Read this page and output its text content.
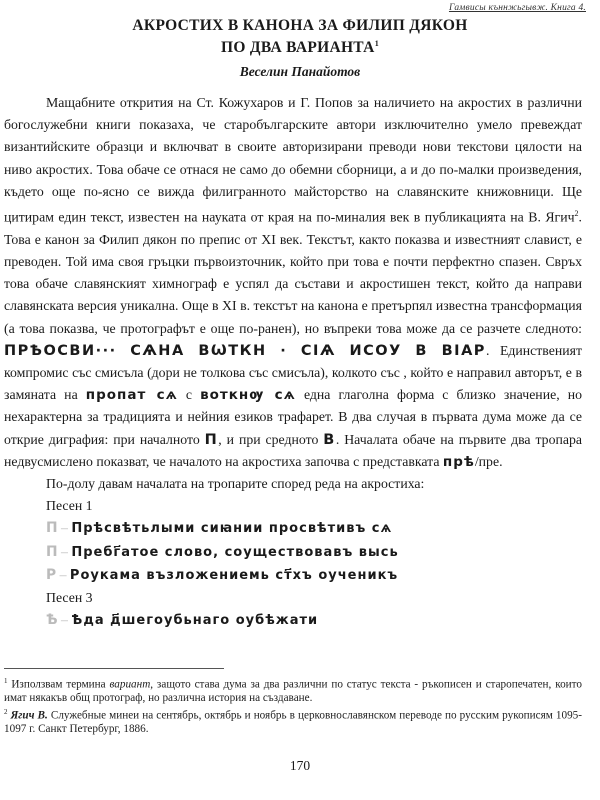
Гамвисы къннжьгывж. Книга 4.
АКРОСТИХ В КАНОНА ЗА ФИЛИП ДЯКОН
ПО ДВА ВАРИАНТА$^1$
Веселин Панайотов

Мащабните открития на Ст. Кожухаров и Г. Попов за наличието на акростих в различни богослужебни книги показаха, че старобългарските автори изключително умело превеждат византийските образци и включват в своите авторизирани преводи нови текстови цялости на ниво акростих. Това обаче се отнася не само до обемни сборници, а и до по-малки произведения, където още по-ясно се вижда филигранното майсторство на славянските книжовници. Ще цитирам един текст, известен на науката от края на по-миналия век в публикацията на В. Ягич$^2$. Това е канон за Филип дякон по препис от XI век. Текстът, както показва и известният славист, е преводен. Той има своя гръцки първоизточник, който при това е почти перфектно спазен. Свръх това обаче славянският химнограф е успял да състави и акростишен текст, който да направи славянската версия уникална. Още в XI в. текстът на канона е претърпял известна трансформация (а това показва, че протографът е още по-ранен), но въпреки това може да се разчете следното: ПРѢОСВИ··· СѦНА ВѠТКН · СІѦ ИСОУ В ВІАР. Единственият компромис със смисъла (дори не толкова със смисъла), колкото със , който е направил авторът, е в замяната на пропат сѧ с воткнѹ сѧ една глаголна форма с близко значение, но нехарактерна за традицията и нейния езиков трафарет. В два случая в първата дума може да се открие диграфия: при началното П, и при средното В. Началата обаче на първите два тропара недвусмислено показват, че началото на акростиха започва с представката прѣ/пре.

По-долу давам началата на тропарите според реда на акростиха:

Песен 1

П – Прѣсвѣтьлыми сиꙗнии просвѣтивъ сѧ

П – Пребг҃атое слово, соуществовавъ высь

Р – Роукама възложениемь ст҃хъ оученикъ

Песен 3

Ѣ – Ѣда д҃шегоубьнаго оубѣжати

$^1$ Използвам термина вариант, защото става дума за два различни по статус текста - ръкописен и старопечатен, които имат някакъв общ протограф, но различна история на създаване.

$^2$ Ягич В. Служебные минеи на сентябрь, октябрь и ноябрь в церковнославянском переводе по русским рукописям 1095-1097 г. Санкт Петербург, 1886.

170
